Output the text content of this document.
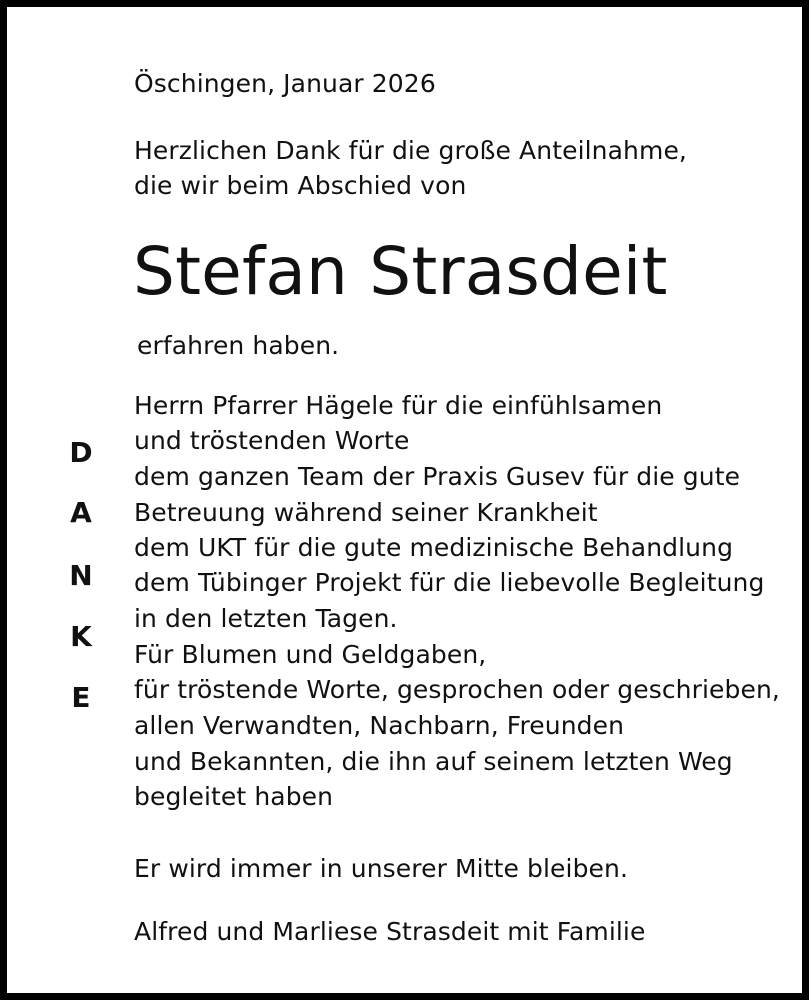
Öschingen, Januar 2026
Herzlichen Dank für die große Anteilnahme,
die wir beim Abschied von
Stefan Strasdeit
erfahren haben.
D
A
N
K
E
Herrn Pfarrer Hägele für die einfühlsamen
und tröstenden Worte
dem ganzen Team der Praxis Gusev für die gute
Betreuung während seiner Krankheit
dem UKT für die gute medizinische Behandlung
dem Tübinger Projekt für die liebevolle Begleitung
in den letzten Tagen.
Für Blumen und Geldgaben,
für tröstende Worte, gesprochen oder geschrieben,
allen Verwandten, Nachbarn, Freunden
und Bekannten, die ihn auf seinem letzten Weg
begleitet haben
Er wird immer in unserer Mitte bleiben.
Alfred und Marliese Strasdeit mit Familie
